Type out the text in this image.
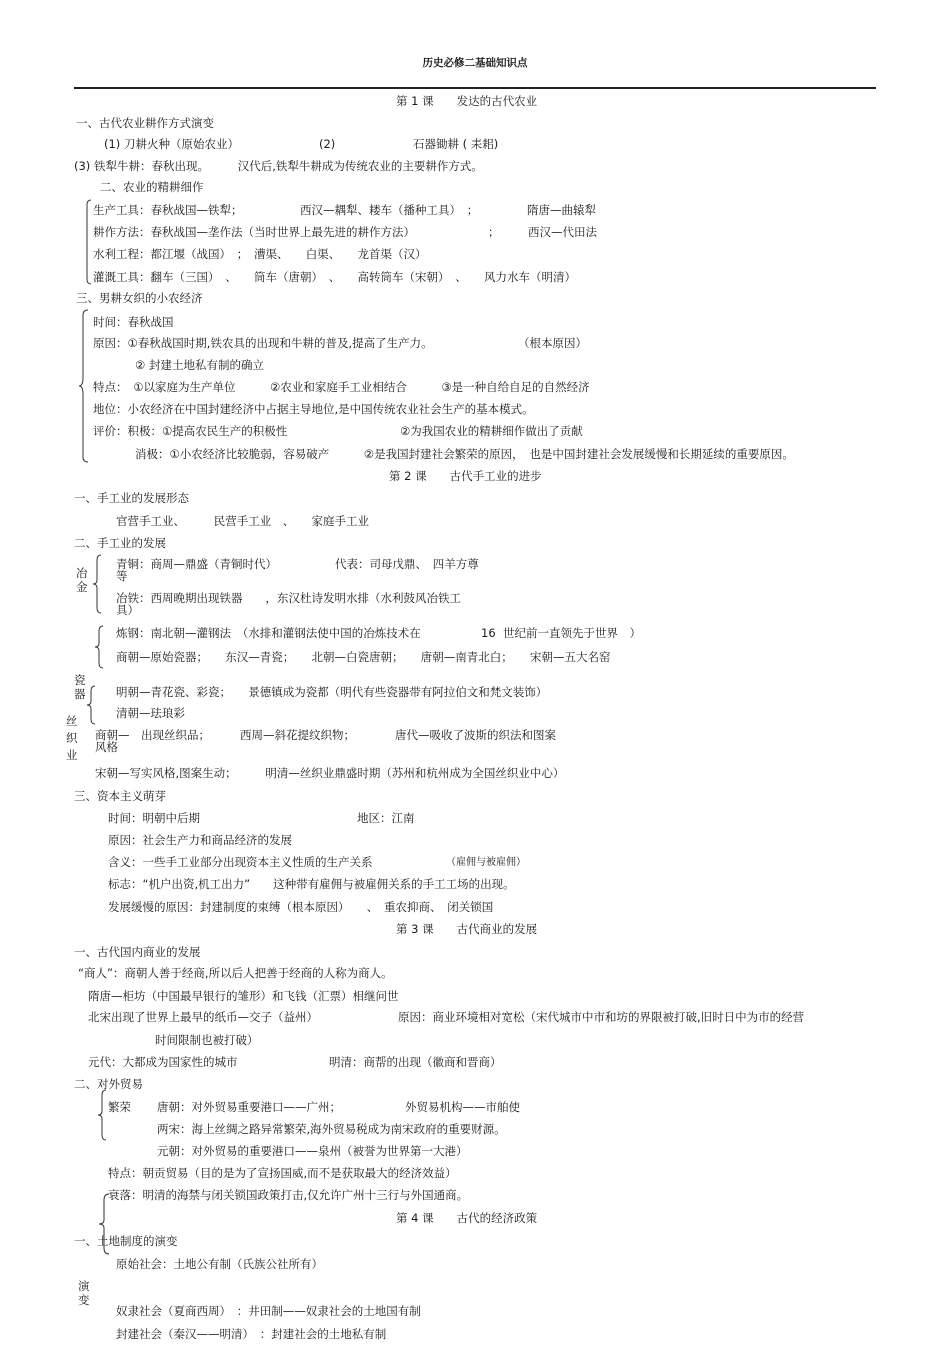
历史必修二基础知识点
第 1 课　　发达的古代农业
一、古代农业耕作方式演变
(1) 刀耕火种（原始农业）	(2)	石器锄耕 ( 耒耜)
(3) 铁犁牛耕：春秋出现。　　　汉代后,铁犁牛耕成为传统农业的主要耕作方式。
二、农业的精耕细作
生产工具：春秋战国—铁犁；	西汉—耦犁、耧车（播种工具）　；	隋唐—曲辕犁
耕作方法：春秋战国—垄作法（当时世界上最先进的耕作方法）	； 西汉—代田法
水利工程：都江堰（战国）　；　漕渠、　　白渠、　　龙首渠（汉）
灌溉工具：翻车（三国）　、　　筒车（唐朝）　、　　高转筒车（宋朝）　、　　风力水车（明清）
三、男耕女织的小农经济
时间：春秋战国
原因：①春秋战国时期,铁农具的出现和牛耕的普及,提高了生产力。	（根本原因）
② 封建土地私有制的确立
特点：　①以家庭为生产单位　　　②农业和家庭手工业相结合　　　③是一种自给自足的自然经济
地位：小农经济在中国封建经济中占据主导地位,是中国传统农业社会生产的基本模式。
评价：积极：①提高农民生产的积极性	②为我国农业的精耕细作做出了贡献
消极：①小农经济比较脆弱，容易破产　　　②是我国封建社会繁荣的原因，　也是中国封建社会发展缓慢和长期延续的重要原因。
第 2 课　　古代手工业的进步
一、手工业的发展形态
官营手工业、　　　民营手工业　、　　家庭手工业
二、手工业的发展
冶金
青铜：商周—鼎盛（青铜时代）	代表：司母戊鼎、　四羊方尊
等
冶铁：西周晚期出现铁器　　，东汉杜诗发明水排（水利鼓风冶铁工
具）
炼钢：南北朝—灌钢法　（水排和灌钢法使中国的冶炼技术在	16 世纪前一直领先于世界　）
商朝—原始瓷器；　　东汉—青瓷；　　北朝—白瓷唐朝；　　唐朝—南青北白；　　宋朝—五大名窑
瓷器	明朝—青花瓷、彩瓷；　　景德镇成为瓷都（明代有些瓷器带有阿拉伯文和梵文装饰）
清朝—珐琅彩
丝织业
商朝—　出现丝织品；	西周—斜花提纹织物；	唐代—吸收了波斯的织法和图案
风格
宋朝—写实风格,图案生动；　　　明清—丝织业鼎盛时期（苏州和杭州成为全国丝织业中心）
三、资本主义萌芽
时间：明朝中后期	地区：江南
原因：社会生产力和商品经济的发展
含义：一些手工业部分出现资本主义性质的生产关系	（雇佣与被雇佣）
标志：“机户出资,机工出力”　　这种带有雇佣与被雇佣关系的手工工场的出现。
发展缓慢的原因：封建制度的束缚（根本原因）　　、　重农抑商、　闭关锁国
第 3 课　　古代商业的发展
一、古代国内商业的发展
“商人”：商朝人善于经商,所以后人把善于经商的人称为商人。
隋唐—柜坊（中国最早银行的雏形）和飞钱（汇票）相继问世
北宋出现了世界上最早的纸币—交子（益州）	原因：商业环境相对宽松（宋代城市中市和坊的界限被打破,旧时日中为市的经营
时间限制也被打破）
元代：大都成为国家性的城市	明清：商帮的出现（徽商和晋商）
二、对外贸易
繁荣 唐朝：对外贸易重要港口——广州；	外贸易机构——市舶使
两宋：海上丝绸之路异常繁荣,海外贸易税成为南宋政府的重要财源。
元朝：对外贸易的重要港口——泉州（被誉为世界第一大港）
特点：朝贡贸易（目的是为了宣扬国威,而不是获取最大的经济效益）
衰落：明清的海禁与闭关锁国政策打击,仅允许广州十三行与外国通商。
第 4 课　　古代的经济政策
一、土地制度的演变
原始社会：土地公有制（氏族公社所有）
演变
奴隶社会（夏商西周）　：井田制——奴隶社会的土地国有制
封建社会（秦汉——明清）　：封建社会的土地私有制
